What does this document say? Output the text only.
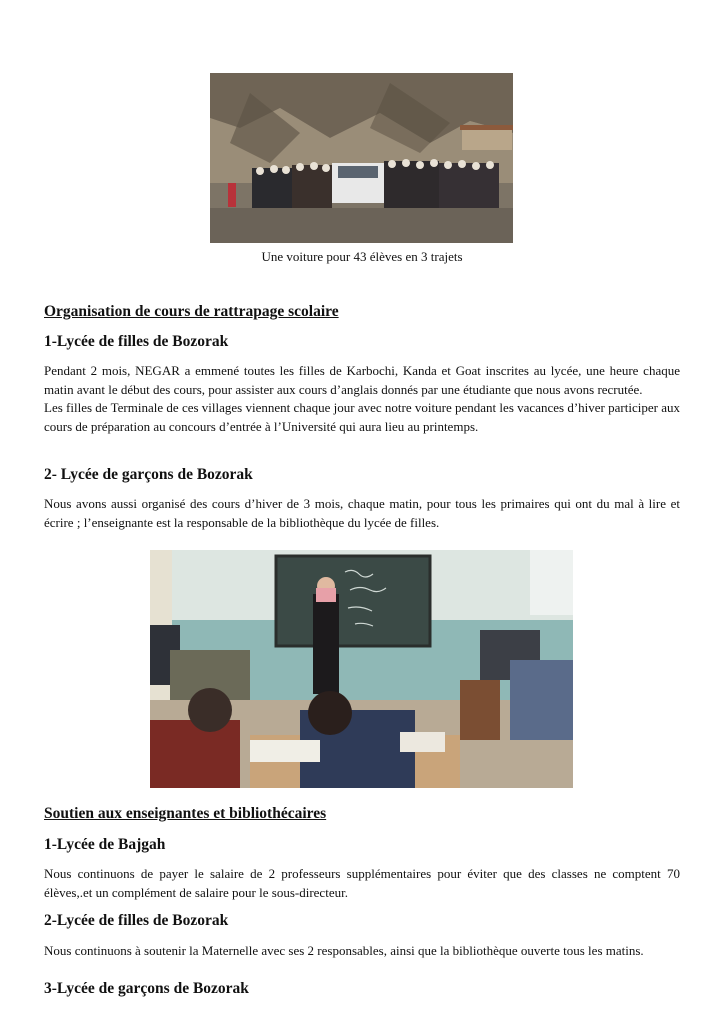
Une voiture pour 43 élèves en 3 trajets
Organisation de cours de rattrapage scolaire
1-Lycée de filles de Bozorak

Pendant 2 mois, NEGAR a emmené toutes les filles de Karbochi, Kanda et Goat inscrites au lycée, une heure chaque matin avant le début des cours, pour assister aux cours d’anglais donnés par une étudiante que nous avons recrutée.
Les filles de Terminale de ces villages viennent chaque jour avec notre voiture pendant les vacances d’hiver participer aux cours de préparation au concours d’entrée à l’Université qui aura lieu au printemps.

2- Lycée de garçons de Bozorak

Nous avons aussi organisé des cours d’hiver de 3 mois, chaque matin, pour tous les primaires qui ont du mal à lire et écrire ; l’enseignante est la responsable de la bibliothèque du lycée de filles.

Soutien aux enseignantes et bibliothécaires
1-Lycée de Bajgah

Nous continuons de payer le salaire de 2 professeurs supplémentaires pour éviter que des classes ne comptent 70 élèves,.et un complément de salaire pour le sous-directeur.

2-Lycée de filles de Bozorak

Nous continuons à soutenir la Maternelle avec ses 2 responsables, ainsi que la bibliothèque ouverte tous les matins.

3-Lycée de garçons de Bozorak
